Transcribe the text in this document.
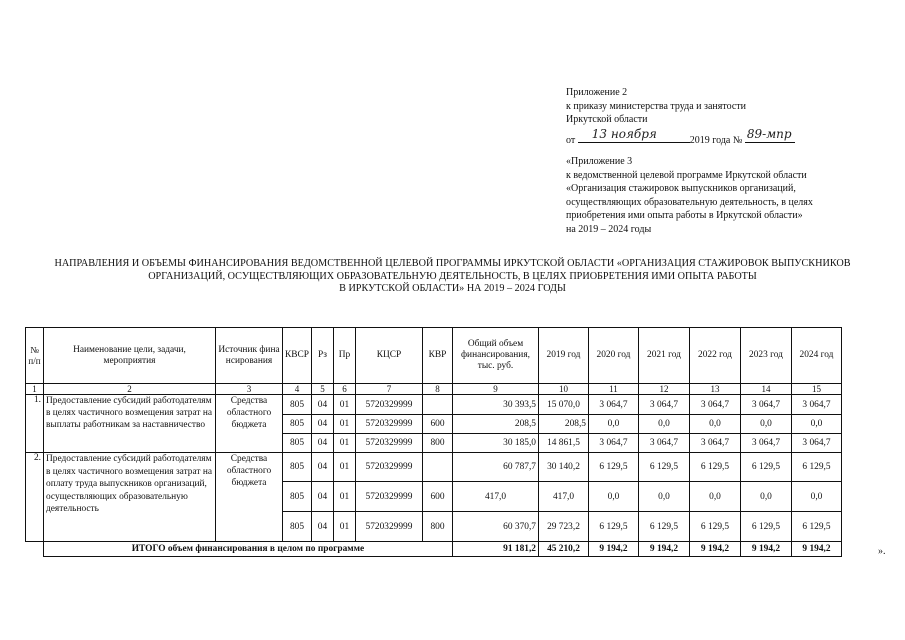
Приложение 2
к приказу министерства труда и занятости
Иркутской области
от 13 ноября	2019 года № 89-мпр
«Приложение 3
к ведомственной целевой программе Иркутской области
«Организация стажировок выпускников организаций,
осуществляющих образовательную деятельность, в целях
приобретения ими опыта работы в Иркутской области»
на 2019 – 2024 годы
НАПРАВЛЕНИЯ И ОБЪЕМЫ ФИНАНСИРОВАНИЯ ВЕДОМСТВЕННОЙ ЦЕЛЕВОЙ ПРОГРАММЫ ИРКУТСКОЙ ОБЛАСТИ «ОРГАНИЗАЦИЯ СТАЖИРОВОК ВЫПУСКНИКОВ
ОРГАНИЗАЦИЙ, ОСУЩЕСТВЛЯЮЩИХ ОБРАЗОВАТЕЛЬНУЮ ДЕЯТЕЛЬНОСТЬ, В ЦЕЛЯХ ПРИОБРЕТЕНИЯ ИМИ ОПЫТА РАБОТЫ
В ИРКУТСКОЙ ОБЛАСТИ» НА 2019 – 2024 ГОДЫ
№ п/п	Наименование цели, задачи, мероприятия	Источник финансирования	КВСР	Рз	Пр	КЦСР	КВР	Общий объем финансирования, тыс. руб.	2019 год	2020 год	2021 год	2022 год	2023 год	2024 год
1	2	3	4	5	6	7	8	9	10	11	12	13	14	15
1.	Предоставление субсидий работодателям в целях частичного возмещения затрат на выплаты работникам за наставничество	Средства областного бюджета	805	04	01	5720329999		30 393,5	15 070,0	3 064,7	3 064,7	3 064,7	3 064,7	3 064,7
			805	04	01	5720329999	600	208,5	208,5	0,0	0,0	0,0	0,0	0,0
			805	04	01	5720329999	800	30 185,0	14 861,5	3 064,7	3 064,7	3 064,7	3 064,7	3 064,7
2.	Предоставление субсидий работодателям в целях частичного возмещения затрат на оплату труда выпускников организаций, осуществляющих образовательную деятельность	Средства областного бюджета	805	04	01	5720329999		60 787,7	30 140,2	6 129,5	6 129,5	6 129,5	6 129,5	6 129,5
			805	04	01	5720329999	600	417,0	417,0	0,0	0,0	0,0	0,0	0,0
			805	04	01	5720329999	800	60 370,7	29 723,2	6 129,5	6 129,5	6 129,5	6 129,5	6 129,5
	ИТОГО объем финансирования в целом по программе							91 181,2	45 210,2	9 194,2	9 194,2	9 194,2	9 194,2	9 194,2	».
